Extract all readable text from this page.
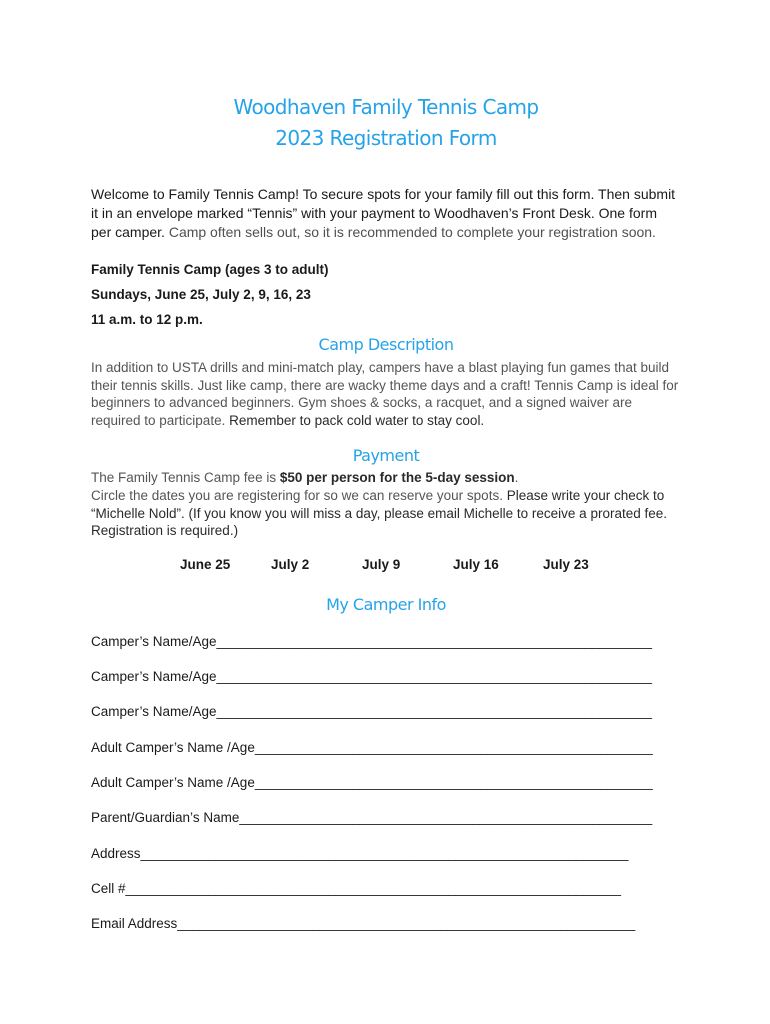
Woodhaven Family Tennis Camp
2023 Registration Form
Welcome to Family Tennis Camp! To secure spots for your family fill out this form. Then submit it in an envelope marked “Tennis” with your payment to Woodhaven’s Front Desk. One form per camper. Camp often sells out, so it is recommended to complete your registration soon.
Family Tennis Camp (ages 3 to adult)
Sundays, June 25, July 2, 9, 16, 23
11 a.m. to 12 p.m.
Camp Description
In addition to USTA drills and mini-match play, campers have a blast playing fun games that build their tennis skills. Just like camp, there are wacky theme days and a craft! Tennis Camp is ideal for beginners to advanced beginners. Gym shoes & socks, a racquet, and a signed waiver are required to participate. Remember to pack cold water to stay cool.
Payment
The Family Tennis Camp fee is $50 per person for the 5-day session.
Circle the dates you are registering for so we can reserve your spots. Please write your check to “Michelle Nold”. (If you know you will miss a day, please email Michelle to receive a prorated fee. Registration is required.)
June 25	July 2	July 9	July 16	July 23
My Camper Info
Camper’s Name/Age__________________________________________________________
Camper’s Name/Age__________________________________________________________
Camper’s Name/Age__________________________________________________________
Adult Camper’s Name /Age_____________________________________________________
Adult Camper’s Name /Age_____________________________________________________
Parent/Guardian’s Name_______________________________________________________
Address_________________________________________________________________
Cell #__________________________________________________________________
Email Address_____________________________________________________________
